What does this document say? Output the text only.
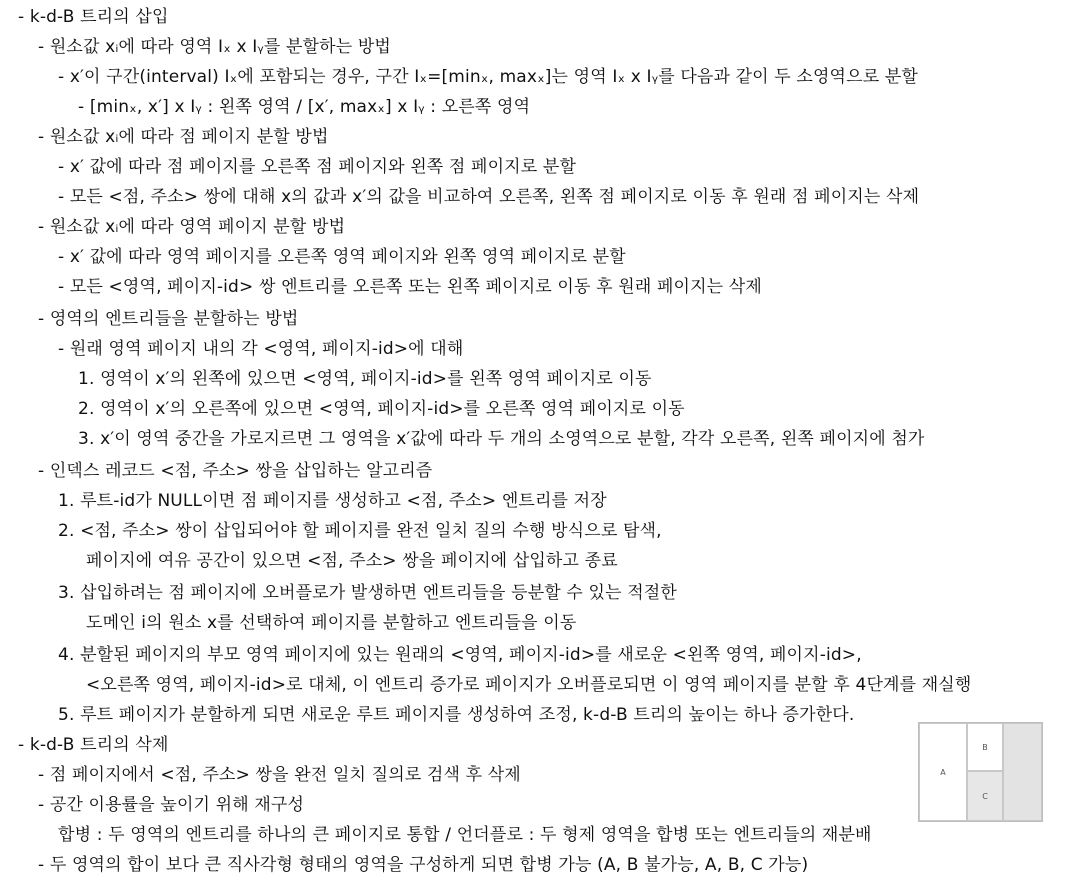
- k-d-B 트리의 삽입
- 원소값 xᵢ에 따라 영역 Iₓ x Iᵧ를 분할하는 방법
- x′이 구간(interval) Iₓ에 포함되는 경우, 구간 Iₓ=[minₓ, maxₓ]는 영역 Iₓ x Iᵧ를 다음과 같이 두 소영역으로 분할
- [minₓ, x′] x Iᵧ : 왼쪽 영역 / [x′, maxₓ] x Iᵧ : 오른쪽 영역
- 원소값 xᵢ에 따라 점 페이지 분할 방법
- x′ 값에 따라 점 페이지를 오른쪽 점 페이지와 왼쪽 점 페이지로 분할
- 모든 <점, 주소> 쌍에 대해 x의 값과 x′의 값을 비교하여 오른쪽, 왼쪽 점 페이지로 이동 후 원래 점 페이지는 삭제
- 원소값 xᵢ에 따라 영역 페이지 분할 방법
- x′ 값에 따라 영역 페이지를 오른쪽 영역 페이지와 왼쪽 영역 페이지로 분할
- 모든 <영역, 페이지-id> 쌍 엔트리를 오른쪽 또는 왼쪽 페이지로 이동 후 원래 페이지는 삭제
- 영역의 엔트리들을 분할하는 방법
- 원래 영역 페이지 내의 각 <영역, 페이지-id>에 대해
1. 영역이 x′의 왼쪽에 있으면 <영역, 페이지-id>를 왼쪽 영역 페이지로 이동
2. 영역이 x′의 오른쪽에 있으면 <영역, 페이지-id>를 오른쪽 영역 페이지로 이동
3. x′이 영역 중간을 가로지르면 그 영역을 x′값에 따라 두 개의 소영역으로 분할, 각각 오른쪽, 왼쪽 페이지에 첨가
- 인덱스 레코드 <점, 주소> 쌍을 삽입하는 알고리즘
1. 루트-id가 NULL이면 점 페이지를 생성하고 <점, 주소> 엔트리를 저장
2. <점, 주소> 쌍이 삽입되어야 할 페이지를 완전 일치 질의 수행 방식으로 탐색,
페이지에 여유 공간이 있으면 <점, 주소> 쌍을 페이지에 삽입하고 종료
3. 삽입하려는 점 페이지에 오버플로가 발생하면 엔트리들을 등분할 수 있는 적절한
도메인 i의 원소 x를 선택하여 페이지를 분할하고 엔트리들을 이동
4. 분할된 페이지의 부모 영역 페이지에 있는 원래의 <영역, 페이지-id>를 새로운 <왼쪽 영역, 페이지-id>,
<오른쪽 영역, 페이지-id>로 대체, 이 엔트리 증가로 페이지가 오버플로되면 이 영역 페이지를 분할 후 4단계를 재실행
5. 루트 페이지가 분할하게 되면 새로운 루트 페이지를 생성하여 조정, k-d-B 트리의 높이는 하나 증가한다.
- k-d-B 트리의 삭제
- 점 페이지에서 <점, 주소> 쌍을 완전 일치 질의로 검색 후 삭제
- 공간 이용률을 높이기 위해 재구성
합병 : 두 영역의 엔트리를 하나의 큰 페이지로 통합 / 언더플로 : 두 형제 영역을 합병 또는 엔트리들의 재분배
- 두 영역의 합이 보다 큰 직사각형 형태의 영역을 구성하게 되면 합병 가능 (A, B 불가능, A, B, C 가능)
A
B
C
